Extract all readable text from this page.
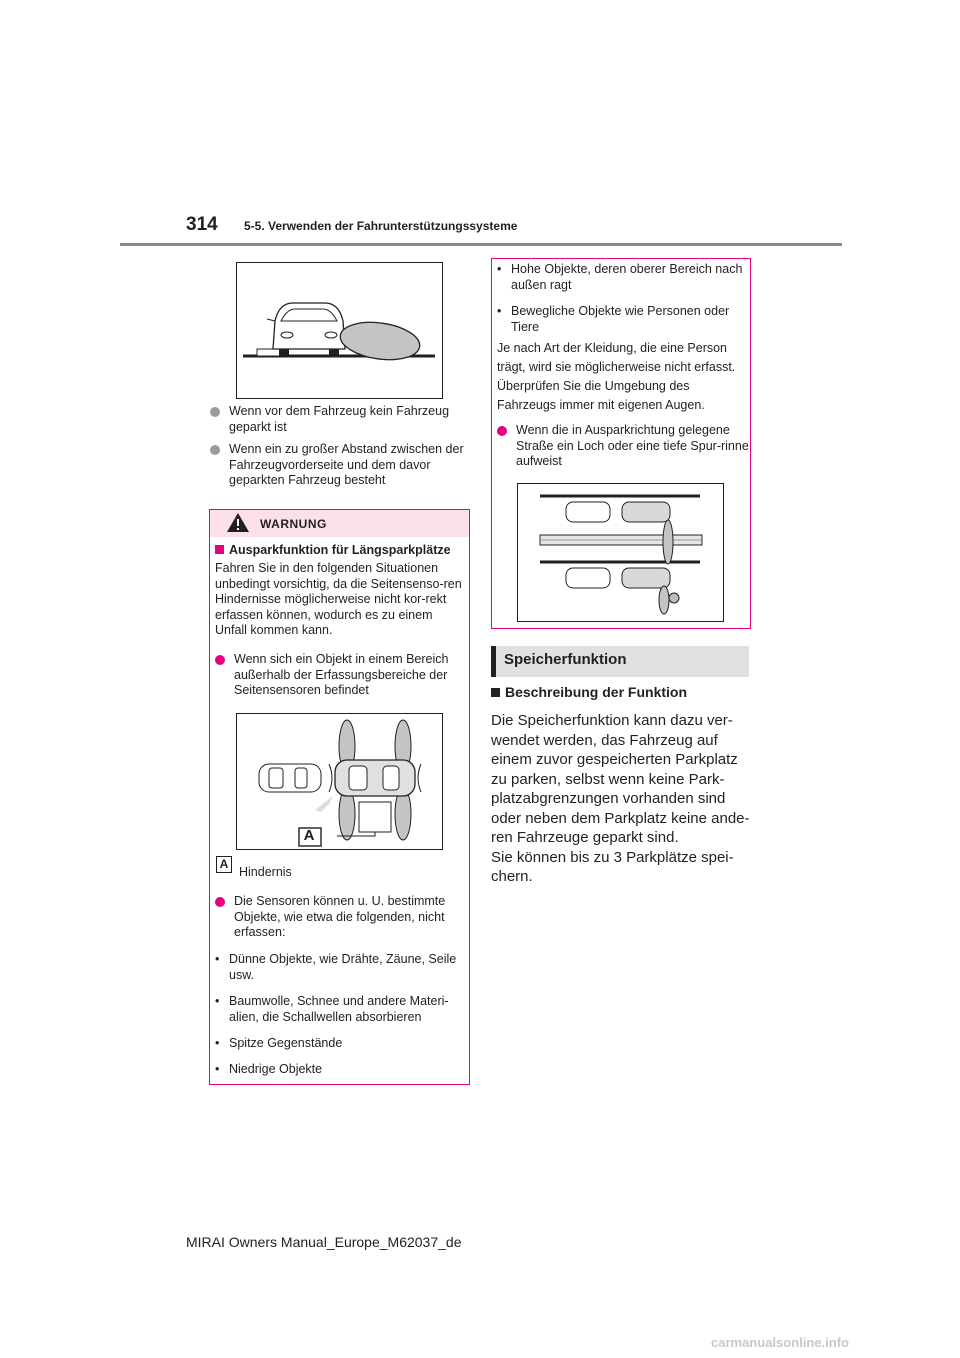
314 5-5. Verwenden der Fahrunterstützungssysteme
Wenn vor dem Fahrzeug kein Fahrzeug geparkt ist
Wenn ein zu großer Abstand zwischen der Fahrzeugvorderseite und dem davor geparkten Fahrzeug besteht
WARNUNG
Ausparkfunktion für Längsparkplätze
Fahren Sie in den folgenden Situationen unbedingt vorsichtig, da die Seitensenso-ren Hindernisse möglicherweise nicht kor-rekt erfassen können, wodurch es zu einem Unfall kommen kann.
Wenn sich ein Objekt in einem Bereich außerhalb der Erfassungsbereiche der Seitensensoren befindet
A
A
Hindernis
Die Sensoren können u. U. bestimmte Objekte, wie etwa die folgenden, nicht erfassen:
• Dünne Objekte, wie Drähte, Zäune, Seile usw.
• Baumwolle, Schnee und andere Materi-alien, die Schallwellen absorbieren
• Spitze Gegenstände
• Niedrige Objekte
• Hohe Objekte, deren oberer Bereich nach außen ragt
• Bewegliche Objekte wie Personen oder Tiere
Je nach Art der Kleidung, die eine Person trägt, wird sie möglicherweise nicht erfasst. Überprüfen Sie die Umgebung des Fahrzeugs immer mit eigenen Augen.
Wenn die in Ausparkrichtung gelegene Straße ein Loch oder eine tiefe Spur-rinne aufweist
Speicherfunktion
Beschreibung der Funktion
Die Speicherfunktion kann dazu ver-wendet werden, das Fahrzeug auf einem zuvor gespeicherten Parkplatz zu parken, selbst wenn keine Park-platzabgrenzungen vorhanden sind oder neben dem Parkplatz keine ande-ren Fahrzeuge geparkt sind.
Sie können bis zu 3 Parkplätze spei-chern.
MIRAI Owners Manual_Europe_M62037_de
carmanualsonline.info
